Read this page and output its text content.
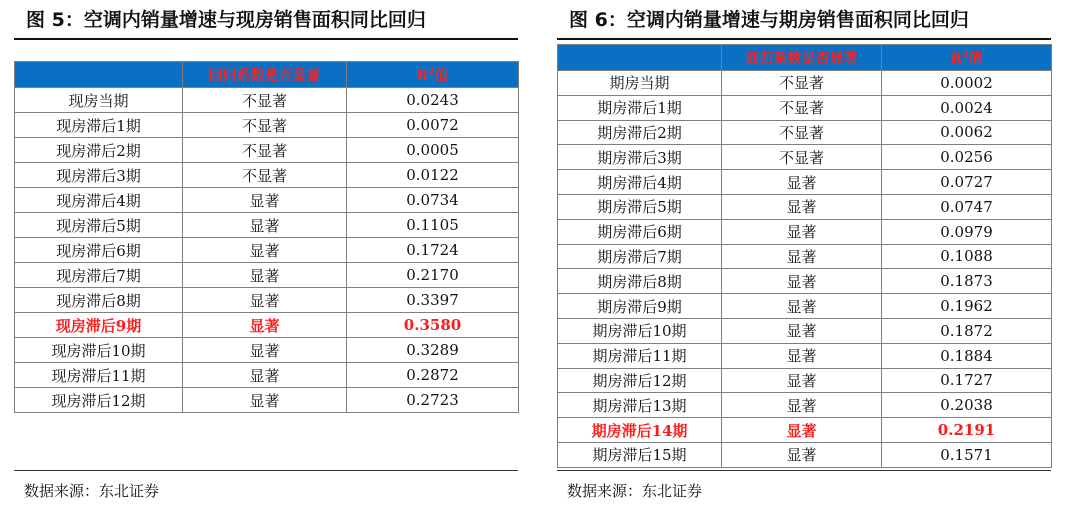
图 5：空调内销量增速与现房销售面积同比回归
	回归系数是否显著	$R^2$值
现房当期	不显著	0.0243
现房滞后1期	不显著	0.0072
现房滞后2期	不显著	0.0005
现房滞后3期	不显著	0.0122
现房滞后4期	显著	0.0734
现房滞后5期	显著	0.1105
现房滞后6期	显著	0.1724
现房滞后7期	显著	0.2170
现房滞后8期	显著	0.3397
现房滞后9期	显著	0.3580
现房滞后10期	显著	0.3289
现房滞后11期	显著	0.2872
现房滞后12期	显著	0.2723
数据来源：东北证券
图 6：空调内销量增速与期房销售面积同比回归
	回归系数是否显著	$R^2$值
期房当期	不显著	0.0002
期房滞后1期	不显著	0.0024
期房滞后2期	不显著	0.0062
期房滞后3期	不显著	0.0256
期房滞后4期	显著	0.0727
期房滞后5期	显著	0.0747
期房滞后6期	显著	0.0979
期房滞后7期	显著	0.1088
期房滞后8期	显著	0.1873
期房滞后9期	显著	0.1962
期房滞后10期	显著	0.1872
期房滞后11期	显著	0.1884
期房滞后12期	显著	0.1727
期房滞后13期	显著	0.2038
期房滞后14期	显著	0.2191
期房滞后15期	显著	0.1571
数据来源：东北证券
